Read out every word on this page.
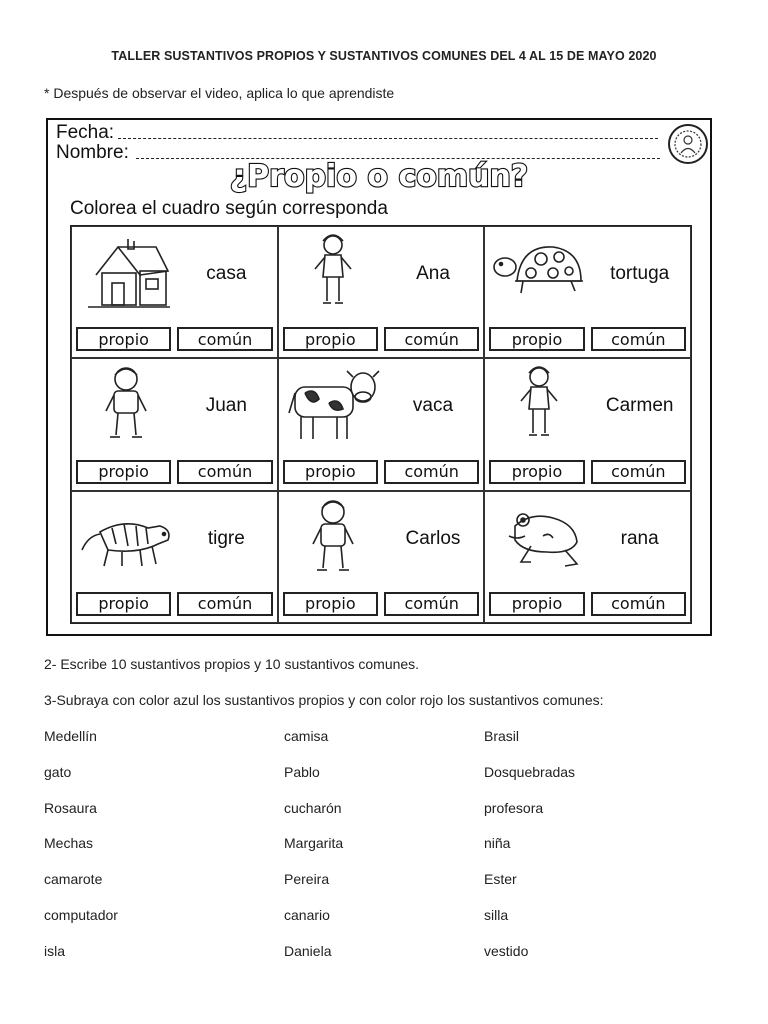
TALLER SUSTANTIVOS PROPIOS Y SUSTANTIVOS COMUNES DEL 4 AL 15 DE MAYO 2020
* Después de observar el video, aplica lo que aprendiste
Fecha:
Nombre:
¿Propio o común?
Colorea el cuadro según corresponda
casa
propio	común
Ana
propio	común
tortuga
propio	común
Juan
propio	común
vaca
propio	común
Carmen
propio	común
tigre
propio	común
Carlos
propio	común
rana
propio	común
2- Escribe 10 sustantivos propios y 10 sustantivos comunes.
3-Subraya con color azul los sustantivos propios y con color rojo los sustantivos comunes:
Medellín	camisa	Brasil
gato	Pablo	Dosquebradas
Rosaura	cucharón	profesora
Mechas	Margarita	niña
camarote	Pereira	Ester
computador	canario	silla
isla	Daniela	vestido
